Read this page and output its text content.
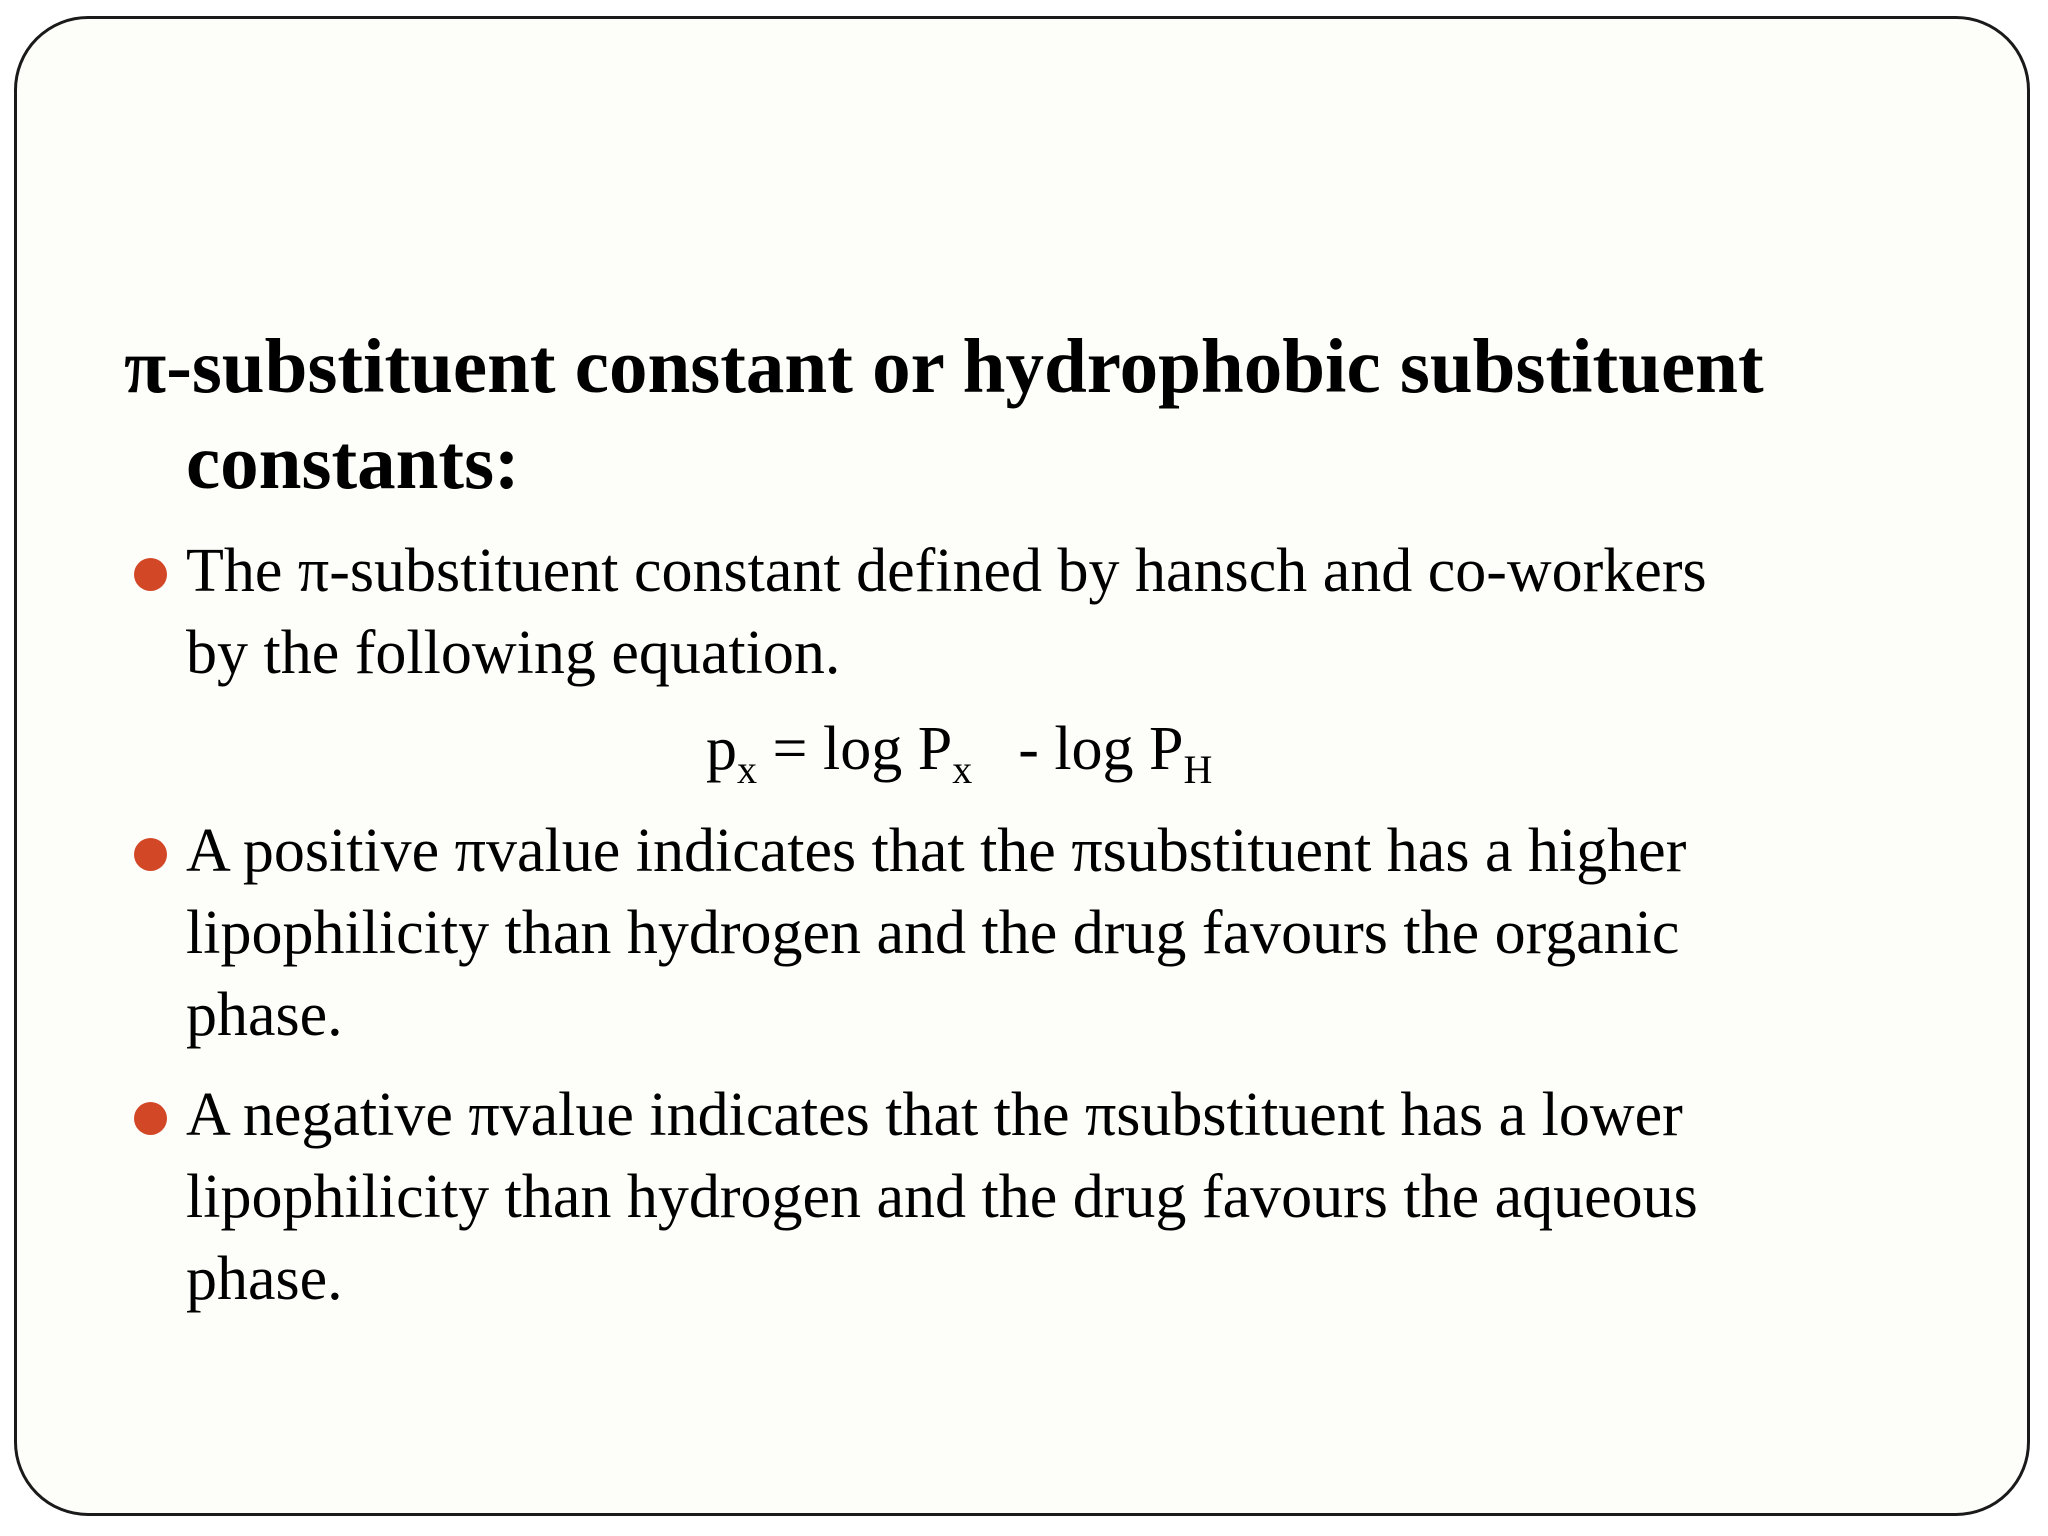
π-substituent constant or hydrophobic substituent
constants:
The π-substituent constant defined by hansch and co-workers
by the following equation.
$p_x = \log P_x - \log P_H$
A positive πvalue indicates that the πsubstituent has a higher
lipophilicity than hydrogen and the drug favours the organic
phase.
A negative πvalue indicates that the πsubstituent has a lower
lipophilicity than hydrogen and the drug favours the aqueous
phase.
